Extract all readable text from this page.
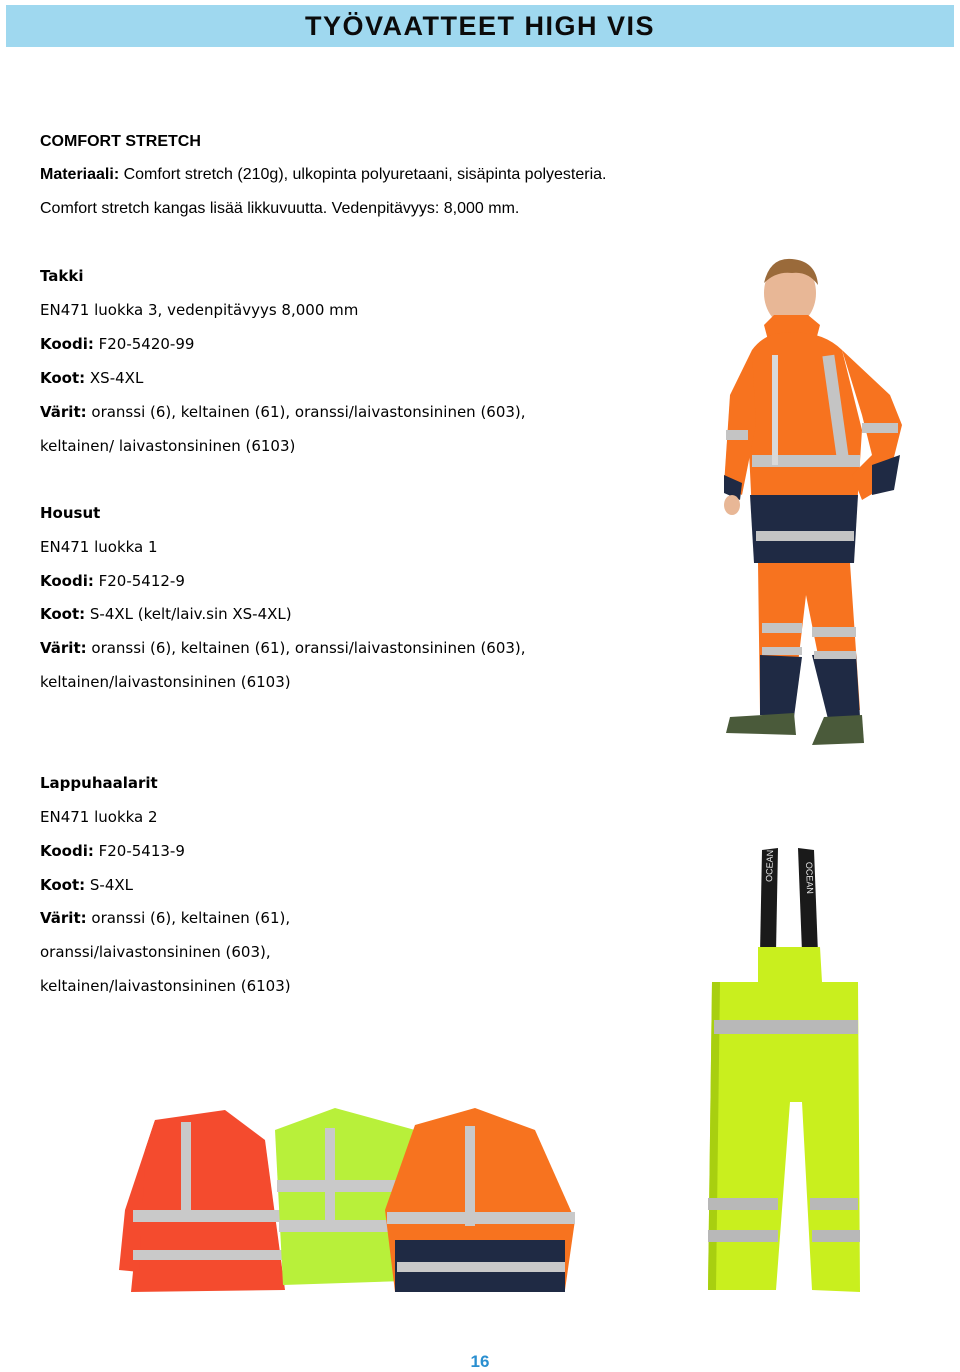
TYÖVAATTEET HIGH VIS
COMFORT STRETCH
Materiaali: Comfort stretch (210g), ulkopinta polyuretaani, sisäpinta polyesteria.
Comfort stretch kangas lisää likkuvuutta. Vedenpitävyys: 8,000 mm.
Takki
EN471 luokka 3, vedenpitävyys 8,000 mm
Koodi: F20-5420-99
Koot: XS-4XL
Värit: oranssi (6), keltainen (61), oranssi/laivastonsininen (603),
keltainen/ laivastonsininen (6103)
Housut
EN471 luokka 1
Koodi: F20-5412-9
Koot: S-4XL (kelt/laiv.sin XS-4XL)
Värit: oranssi (6), keltainen (61), oranssi/laivastonsininen (603),
keltainen/laivastonsininen (6103)
Lappuhaalarit
EN471 luokka 2
Koodi: F20-5413-9
Koot: S-4XL
Värit: oranssi (6), keltainen (61),
oranssi/laivastonsininen (603),
keltainen/laivastonsininen (6103)
OCEAN	OCEAN
16
